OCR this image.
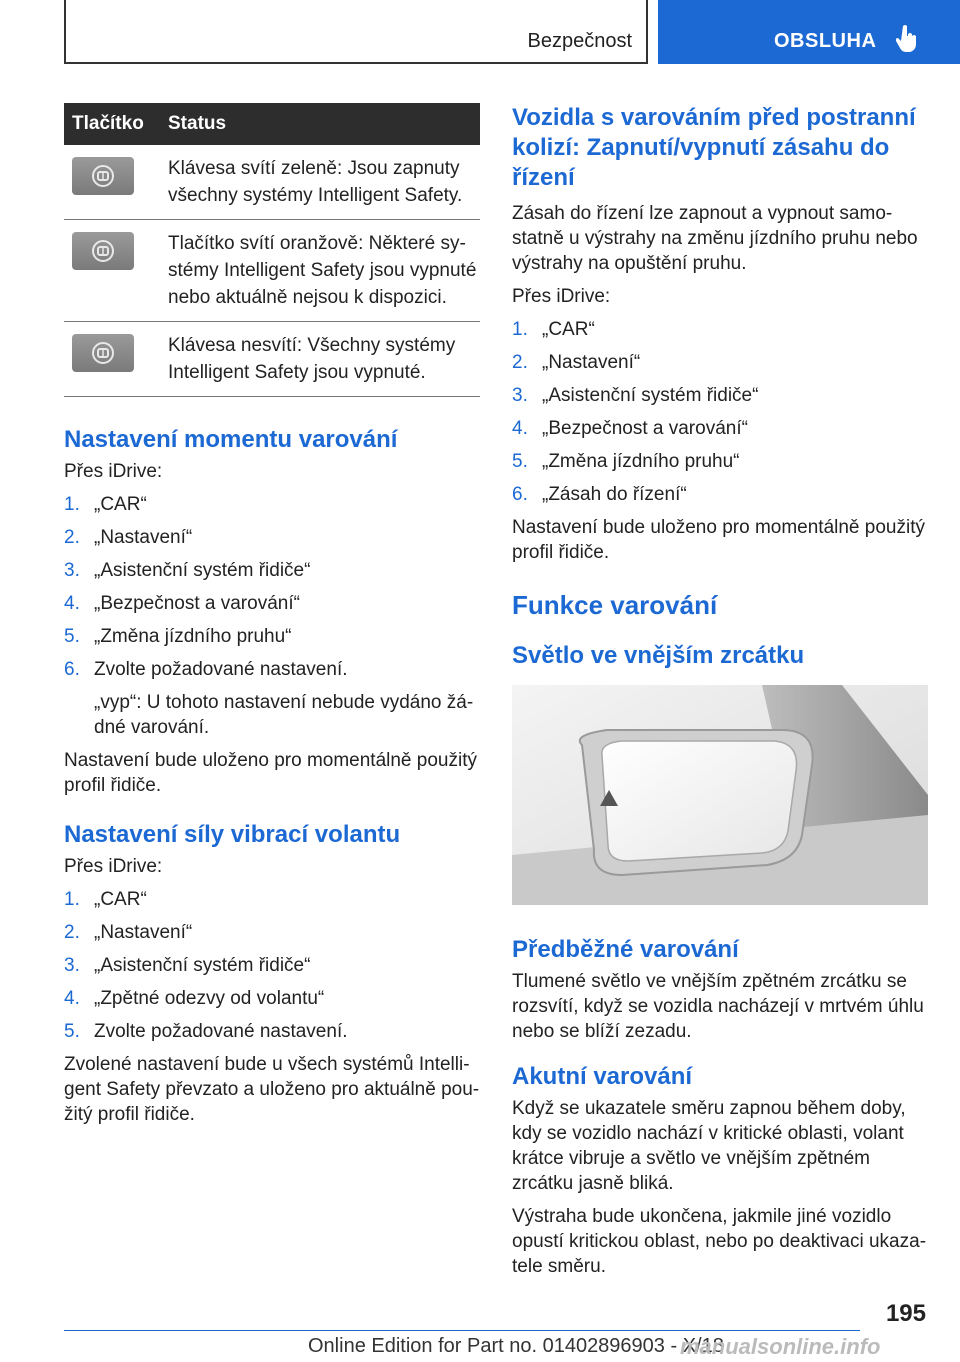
Bezpečnost	OBSLUHA
Tlačítko	Status

	Klávesa svítí zeleně: Jsou zapnuty všechny systémy Intelligent Safety.

	Tlačítko svítí oranžově: Některé systémy Intelligent Safety jsou vypnuté nebo aktuálně nejsou k dispozici.

	Klávesa nesvítí: Všechny systémy Intelligent Safety jsou vypnuté.
Nastavení momentu varování

Přes iDrive:

1. „CAR“
2. „Nastavení“
3. „Asistenční systém řidiče“
4. „Bezpečnost a varování“
5. „Změna jízdního pruhu“
6. Zvolte požadované nastavení.

„vyp“: U tohoto nastavení nebude vydáno žádné varování.

Nastavení bude uloženo pro momentálně použitý profil řidiče.

Nastavení síly vibrací volantu

Přes iDrive:

1. „CAR“
2. „Nastavení“
3. „Asistenční systém řidiče“
4. „Zpětné odezvy od volantu“
5. Zvolte požadované nastavení.

Zvolené nastavení bude u všech systémů Intelligent Safety převzato a uloženo pro aktuálně použitý profil řidiče.

Vozidla s varováním před postranní kolizí: Zapnutí/vypnutí zásahu do řízení

Zásah do řízení lze zapnout a vypnout samostatně u výstrahy na změnu jízdního pruhu nebo výstrahy na opuštění pruhu.

Přes iDrive:

1. „CAR“
2. „Nastavení“
3. „Asistenční systém řidiče“
4. „Bezpečnost a varování“
5. „Změna jízdního pruhu“
6. „Zásah do řízení“

Nastavení bude uloženo pro momentálně použitý profil řidiče.

Funkce varování
Světlo ve vnějším zrcátku
Předběžné varování

Tlumené světlo ve vnějším zpětném zrcátku se rozsvítí, když se vozidla nacházejí v mrtvém úhlu nebo se blíží zezadu.

Akutní varování

Když se ukazatele směru zapnou během doby, kdy se vozidlo nachází v kritické oblasti, volant krátce vibruje a světlo ve vnějším zpětném zrcátku jasně bliká.

Výstraha bude ukončena, jakmile jiné vozidlo opustí kritickou oblast, nebo po deaktivaci ukazatele směru.

195
Online Edition for Part no. 01402896903 - X/18
manualsonline.info
